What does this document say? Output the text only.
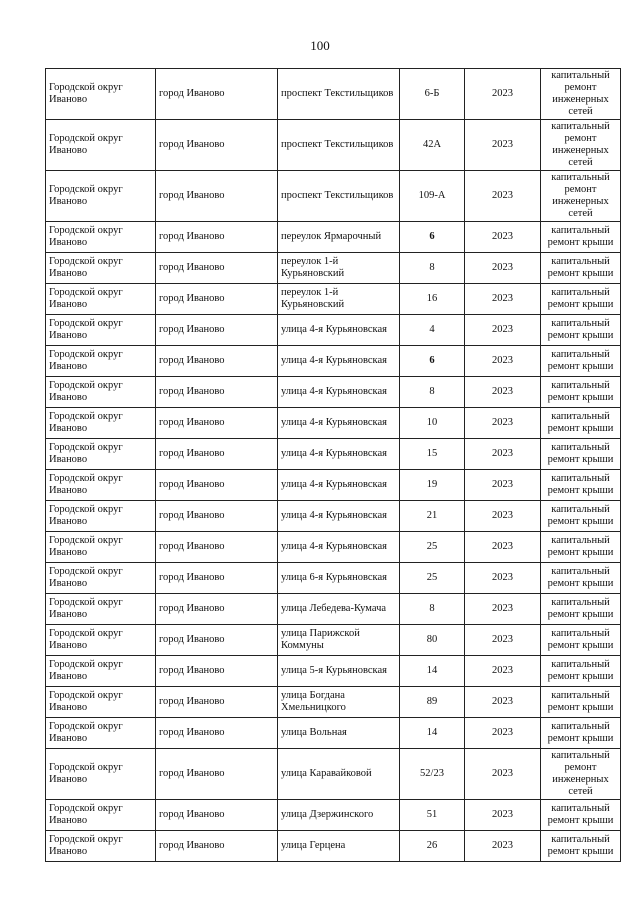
100
Городской округ Иваново	город Иваново	проспект Текстильщиков	6-Б	2023	капитальный ремонт инженерных сетей
Городской округ Иваново	город Иваново	проспект Текстильщиков	42А	2023	капитальный ремонт инженерных сетей
Городской округ Иваново	город Иваново	проспект Текстильщиков	109-А	2023	капитальный ремонт инженерных сетей
Городской округ Иваново	город Иваново	переулок Ярмарочный	6	2023	капитальный ремонт крыши
Городской округ Иваново	город Иваново	переулок 1-й Курьяновский	8	2023	капитальный ремонт крыши
Городской округ Иваново	город Иваново	переулок 1-й Курьяновский	16	2023	капитальный ремонт крыши
Городской округ Иваново	город Иваново	улица 4-я Курьяновская	4	2023	капитальный ремонт крыши
Городской округ Иваново	город Иваново	улица 4-я Курьяновская	6	2023	капитальный ремонт крыши
Городской округ Иваново	город Иваново	улица 4-я Курьяновская	8	2023	капитальный ремонт крыши
Городской округ Иваново	город Иваново	улица 4-я Курьяновская	10	2023	капитальный ремонт крыши
Городской округ Иваново	город Иваново	улица 4-я Курьяновская	15	2023	капитальный ремонт крыши
Городской округ Иваново	город Иваново	улица 4-я Курьяновская	19	2023	капитальный ремонт крыши
Городской округ Иваново	город Иваново	улица 4-я Курьяновская	21	2023	капитальный ремонт крыши
Городской округ Иваново	город Иваново	улица 4-я Курьяновская	25	2023	капитальный ремонт крыши
Городской округ Иваново	город Иваново	улица 6-я Курьяновская	25	2023	капитальный ремонт крыши
Городской округ Иваново	город Иваново	улица Лебедева-Кумача	8	2023	капитальный ремонт крыши
Городской округ Иваново	город Иваново	улица Парижской Коммуны	80	2023	капитальный ремонт крыши
Городской округ Иваново	город Иваново	улица 5-я Курьяновская	14	2023	капитальный ремонт крыши
Городской округ Иваново	город Иваново	улица Богдана Хмельницкого	89	2023	капитальный ремонт крыши
Городской округ Иваново	город Иваново	улица Вольная	14	2023	капитальный ремонт крыши
Городской округ Иваново	город Иваново	улица Каравайковой	52/23	2023	капитальный ремонт инженерных сетей
Городской округ Иваново	город Иваново	улица Дзержинского	51	2023	капитальный ремонт крыши
Городской округ Иваново	город Иваново	улица Герцена	26	2023	капитальный ремонт крыши
